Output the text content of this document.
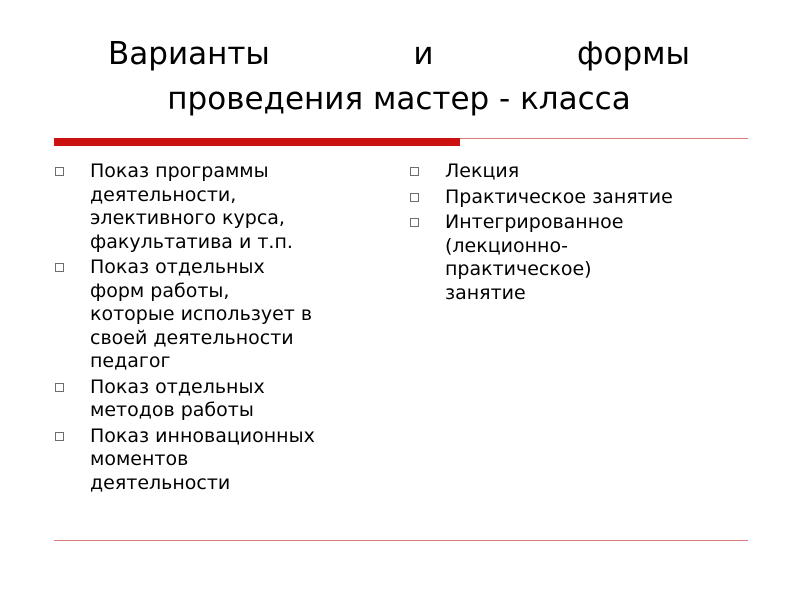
Варианты	и	формы
проведения мастер - класса
Показ программы
деятельности,
элективного курса,
факультатива и т.п.
Показ отдельных
форм работы,
которые использует в
своей деятельности
педагог
Показ отдельных
методов работы
Показ инновационных
моментов
деятельности
Лекция
Практическое занятие
Интегрированное
(лекционно-
практическое)
занятие
